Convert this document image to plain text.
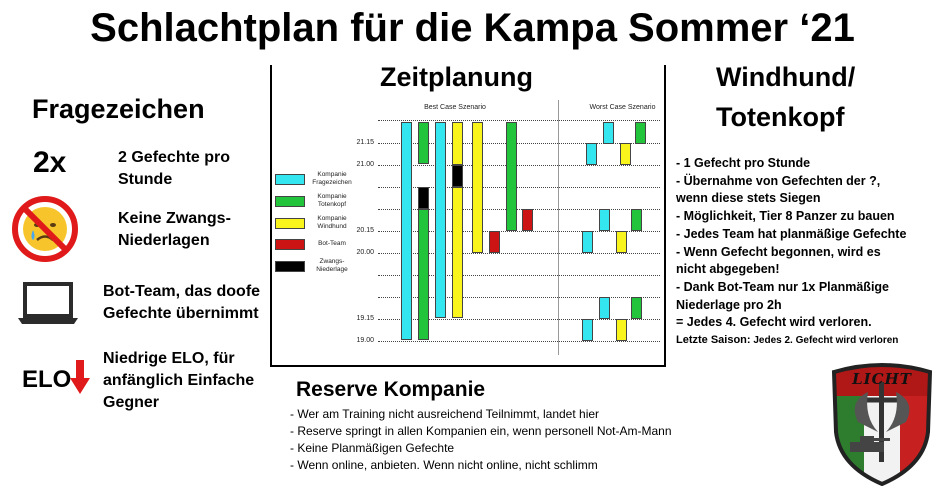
Schlachtplan für die Kampa Sommer ‘21
Fragezeichen
2x	2 Gefechte pro Stunde
Keine Zwangs-Niederlagen
Bot-Team, das doofe Gefechte übernimmt
ELO
Niedrige ELO, für anfänglich Einfache Gegner
Zeitplanung
Best Case Szenario	Worst Case Szenario
21.15
21.00
20.15
20.00
19.15
19.00
Kompanie Fragezeichen
Kompanie Totenkopf
Kompanie Windhund
Bot-Team
Zwangs-Niederlage
Reserve Kompanie
- Wer am Training nicht ausreichend Teilnimmt, landet hier
- Reserve springt in allen Kompanien ein, wenn personell Not-Am-Mann
- Keine Planmäßigen Gefechte
- Wenn online, anbieten. Wenn nicht online, nicht schlimm
Windhund/
Totenkopf
- 1 Gefecht pro Stunde
- Übernahme von Gefechten der ?,
wenn diese stets Siegen
- Möglichkeit, Tier 8 Panzer zu bauen
- Jedes Team hat planmäßige Gefechte
- Wenn Gefecht begonnen, wird es
nicht abgegeben!
- Dank Bot-Team nur 1x Planmäßige
Niederlage pro 2h
= Jedes 4. Gefecht wird verloren.
Letzte Saison: Jedes 2. Gefecht wird verloren
LICHT
